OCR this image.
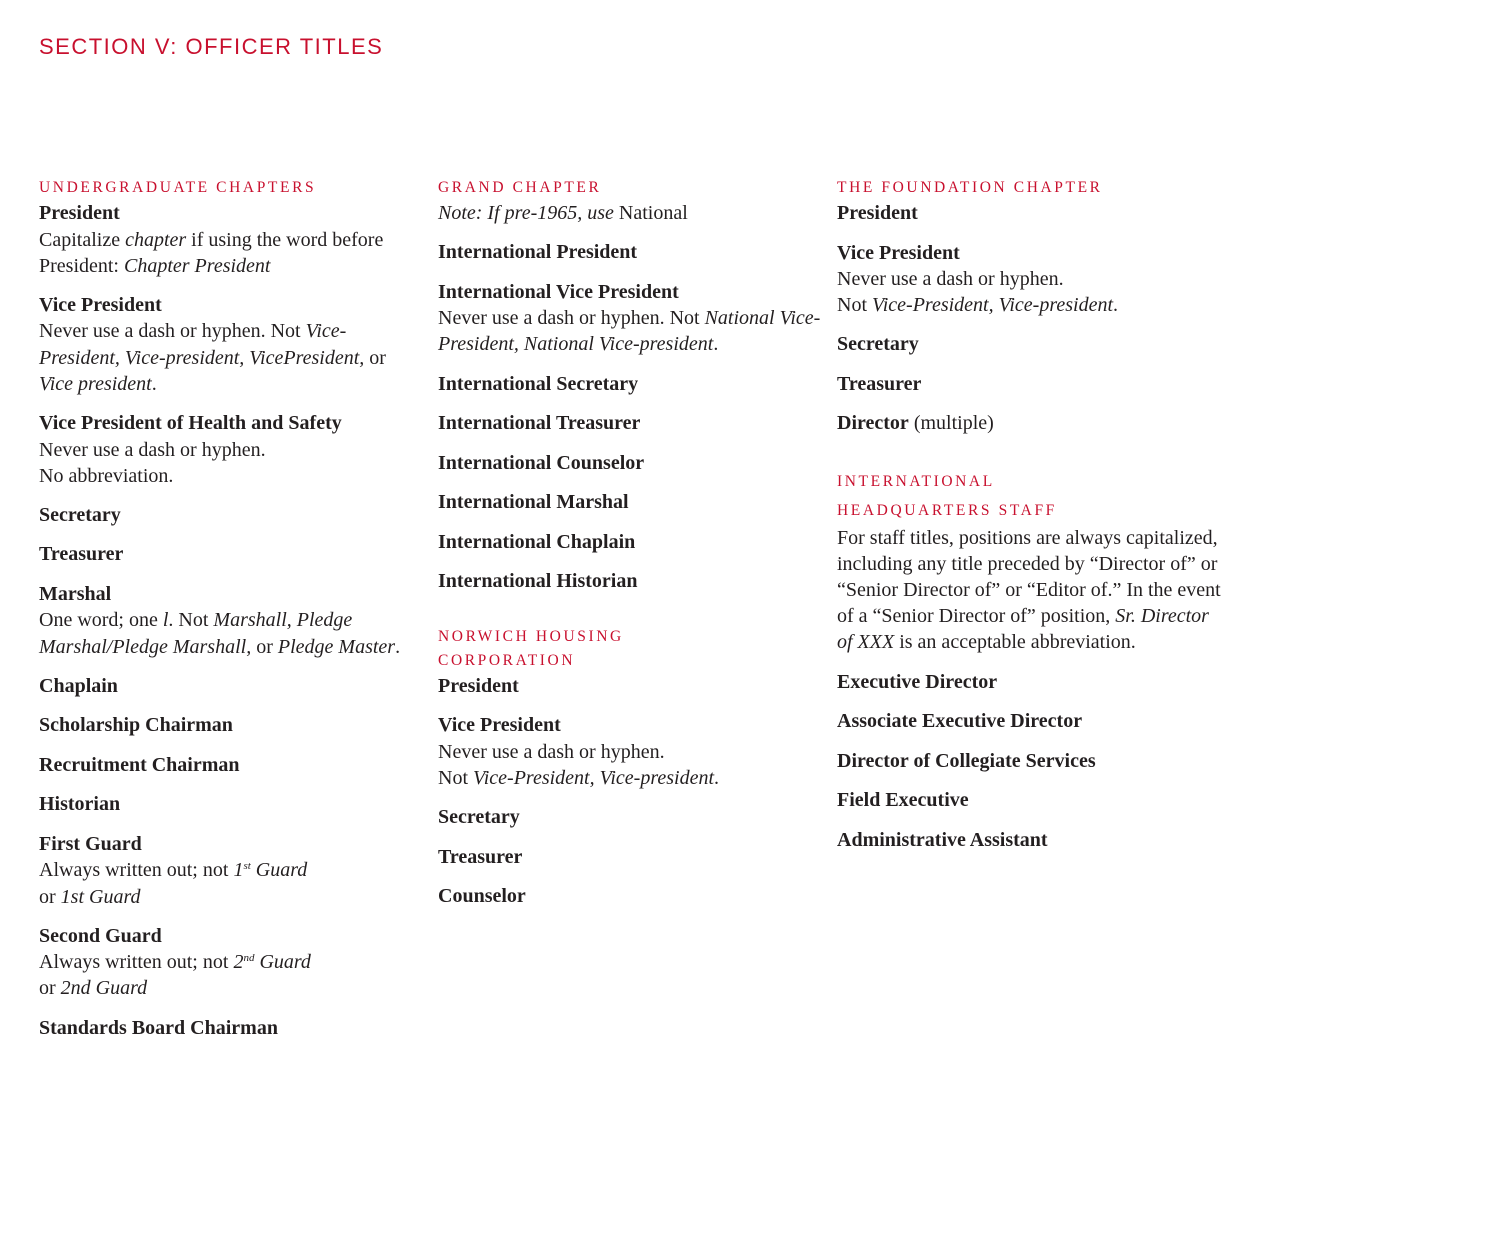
SECTION V: OFFICER TITLES
UNDERGRADUATE CHAPTERS
President
Capitalize chapter if using the word before President: Chapter President
Vice President
Never use a dash or hyphen. Not Vice-President, Vice-president, VicePresident, or
Vice president.
Vice President of Health and Safety
Never use a dash or hyphen.
No abbreviation.
Secretary
Treasurer
Marshal
One word; one l. Not Marshall, Pledge Marshal/Pledge Marshall, or Pledge Master.
Chaplain
Scholarship Chairman
Recruitment Chairman
Historian
First Guard
Always written out; not 1st Guard
or 1st Guard
Second Guard
Always written out; not 2nd Guard
or 2nd Guard
Standards Board Chairman
GRAND CHAPTER
Note: If pre-1965, use National
International President
International Vice President
Never use a dash or hyphen. Not National Vice-President, National Vice-president.
International Secretary
International Treasurer
International Counselor
International Marshal
International Chaplain
International Historian
NORWICH HOUSING
CORPORATION
President
Vice President
Never use a dash or hyphen.
Not Vice-President, Vice-president.
Secretary
Treasurer
Counselor
THE FOUNDATION CHAPTER
President
Vice President
Never use a dash or hyphen.
Not Vice-President, Vice-president.
Secretary
Treasurer
Director (multiple)
INTERNATIONAL
HEADQUARTERS STAFF
For staff titles, positions are always capitalized, including any title preceded by “Director of” or “Senior Director of” or “Editor of.” In the event of a “Senior Director of” position, Sr. Director of XXX is an acceptable abbreviation.
Executive Director
Associate Executive Director
Director of Collegiate Services
Field Executive
Administrative Assistant
